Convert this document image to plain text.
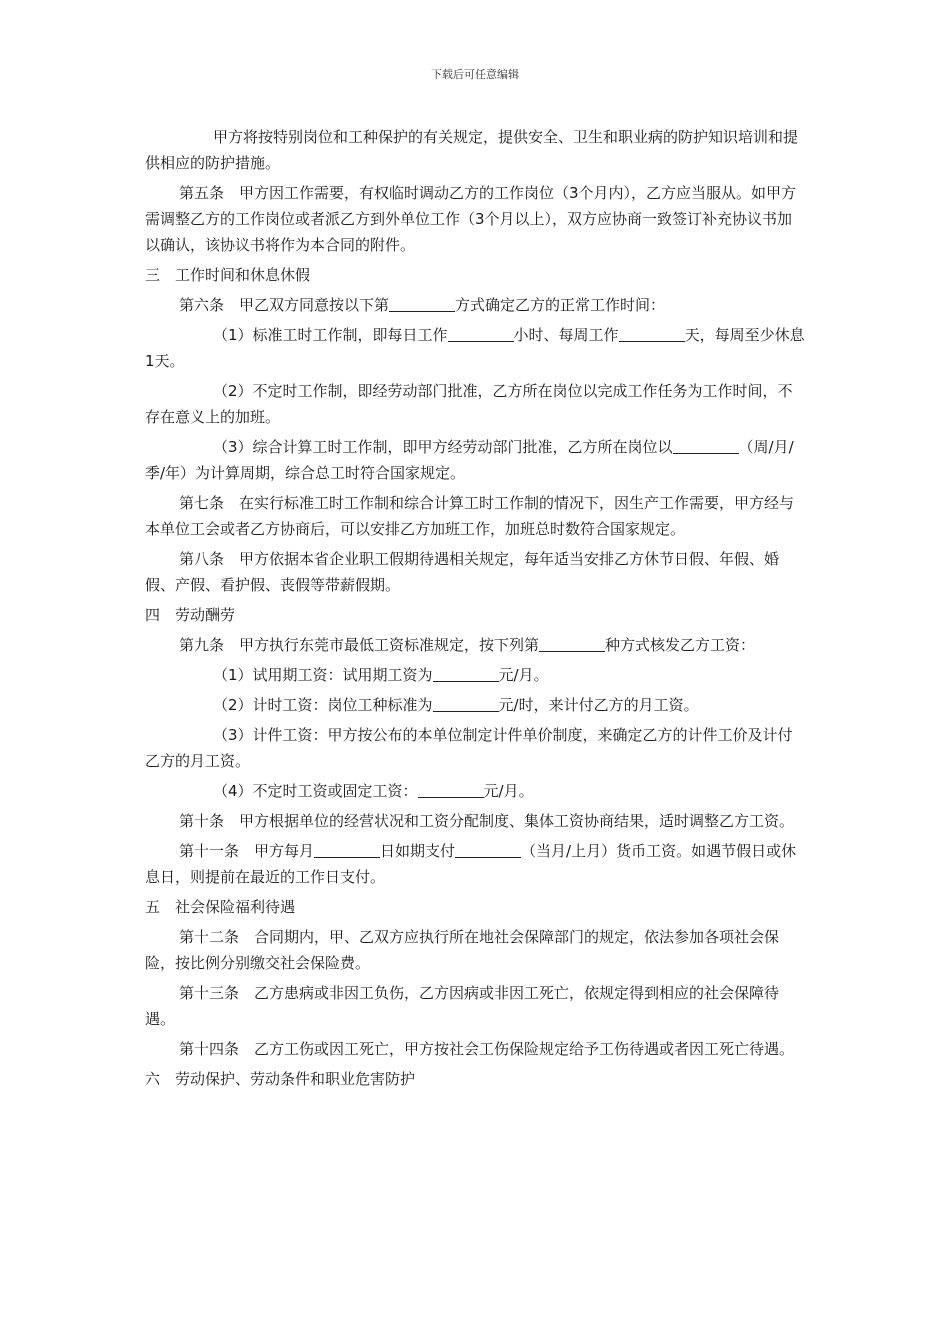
下载后可任意编辑

甲方将按特别岗位和工种保护的有关规定，提供安全、卫生和职业病的防护知识培训和提供相应的防护措施。

第五条　甲方因工作需要，有权临时调动乙方的工作岗位（3个月内），乙方应当服从。如甲方需调整乙方的工作岗位或者派乙方到外单位工作（3个月以上），双方应协商一致签订补充协议书加以确认，该协议书将作为本合同的附件。

三　工作时间和休息休假

第六条　甲乙双方同意按以下第	方式确定乙方的正常工作时间：

（1）标准工时工作制，即每日工作	小时、每周工作	天，每周至少休息1天。

（2）不定时工作制，即经劳动部门批准，乙方所在岗位以完成工作任务为工作时间，不存在意义上的加班。

（3）综合计算工时工作制，即甲方经劳动部门批准，乙方所在岗位以	（周/月/季/年）为计算周期，综合总工时符合国家规定。

第七条　在实行标准工时工作制和综合计算工时工作制的情况下，因生产工作需要，甲方经与本单位工会或者乙方协商后，可以安排乙方加班工作，加班总时数符合国家规定。

第八条　甲方依据本省企业职工假期待遇相关规定，每年适当安排乙方休节日假、年假、婚假、产假、看护假、丧假等带薪假期。

四　劳动酬劳

第九条　甲方执行东莞市最低工资标准规定，按下列第	种方式核发乙方工资：

（1）试用期工资：试用期工资为	元/月。

（2）计时工资：岗位工种标准为	元/时，来计付乙方的月工资。

（3）计件工资：甲方按公布的本单位制定计件单价制度，来确定乙方的计件工价及计付乙方的月工资。

（4）不定时工资或固定工资：	元/月。

第十条　甲方根据单位的经营状况和工资分配制度、集体工资协商结果，适时调整乙方工资。

第十一条　甲方每月	日如期支付	（当月/上月）货币工资。如遇节假日或休息日，则提前在最近的工作日支付。

五　社会保险福利待遇

第十二条　合同期内，甲、乙双方应执行所在地社会保障部门的规定，依法参加各项社会保险，按比例分别缴交社会保险费。

第十三条　乙方患病或非因工负伤，乙方因病或非因工死亡，依规定得到相应的社会保障待遇。

第十四条　乙方工伤或因工死亡，甲方按社会工伤保险规定给予工伤待遇或者因工死亡待遇。

六　劳动保护、劳动条件和职业危害防护
